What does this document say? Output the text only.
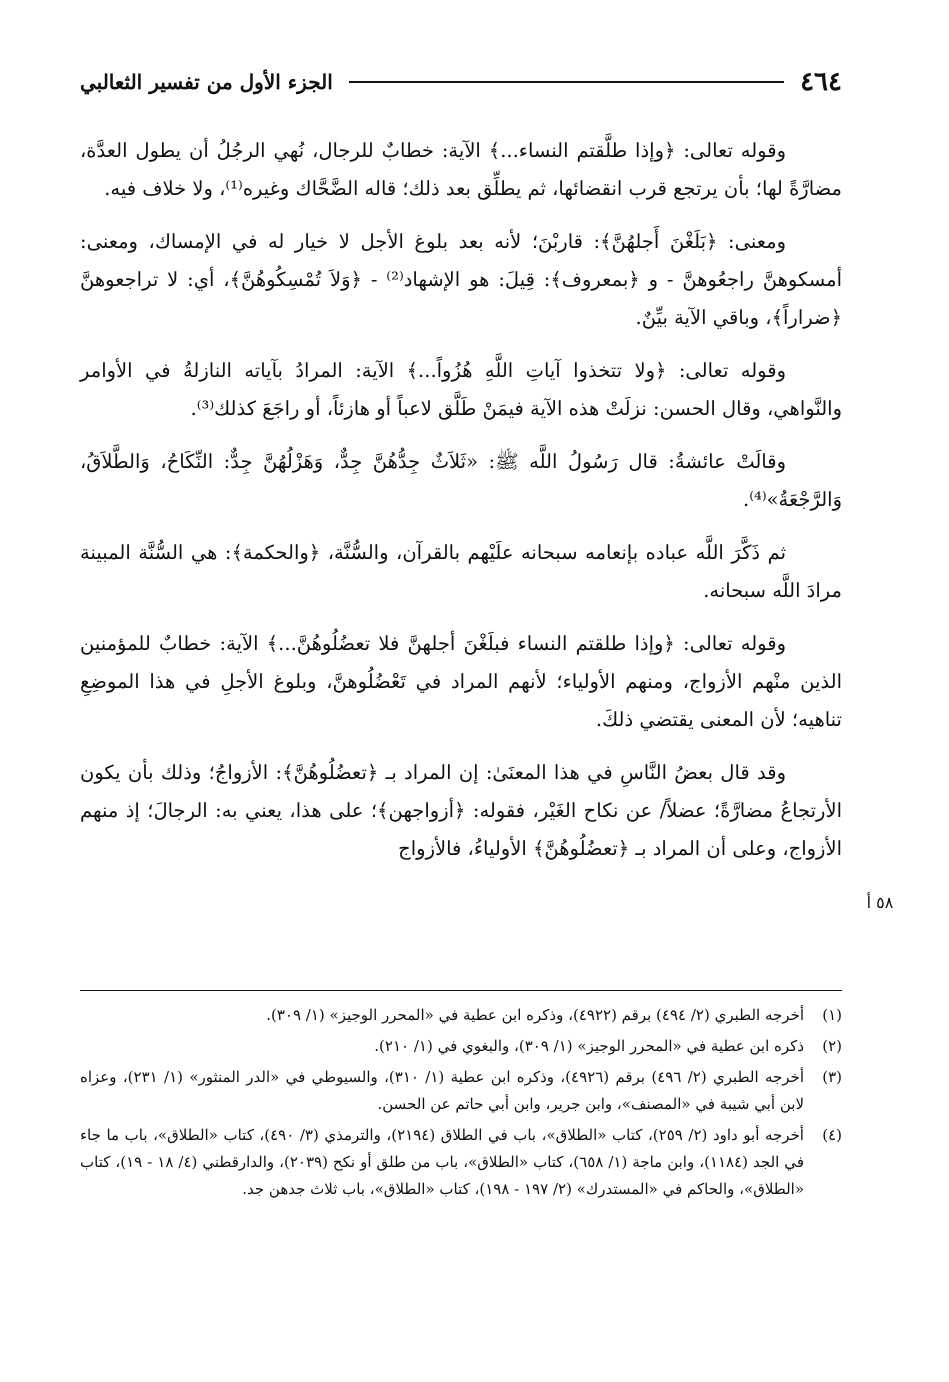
٤٦٤
الجزء الأول من تفسير الثعالبي

وقوله تعالى: ﴿وإذا طلَّقتم النساء...﴾ الآية: خطابٌ للرجال، نُهي الرجُلُ أن يطول العدَّة، مضارَّةً لها؛ بأن يرتجع قرب انقضائها، ثم يطلِّق بعد ذلك؛ قاله الضَّحَّاك وغيره⁽¹⁾، ولا خلاف فيه.

ومعنى: ﴿بَلَغْنَ أَجلهُنَّ﴾: قاربْنَ؛ لأنه بعد بلوغ الأجل لا خيار له في الإمساك، ومعنى: أمسكوهنَّ راجعُوهنَّ - و ﴿بمعروف﴾: قِيلَ: هو الإشهاد⁽²⁾ - ﴿وَلاَ تُمْسِكُوهُنَّ﴾، أي: لا تراجعوهنَّ ﴿ضراراً﴾، وباقي الآية بيِّنٌ.

وقوله تعالى: ﴿ولا تتخذوا آياتِ اللَّهِ هُزُواً...﴾ الآية: المرادُ بآياته النازلةُ في الأوامر والنَّواهي، وقال الحسن: نزلَتْ هذه الآية فيمَنْ طَلَّق لاعباً أو هازئاً، أو راجَعَ كذلك⁽³⁾.

وقالَتْ عائشةُ: قال رَسُولُ اللَّه ﷺ: «ثَلاَثٌ جِدُّهُنَّ جِدٌّ، وَهَزْلُهُنَّ جِدٌّ: النِّكَاحُ، وَالطَّلاَقُ، وَالرَّجْعَةُ»⁽⁴⁾.

ثم ذَكَّرَ اللَّه عباده بإنعامه سبحانه علَيْهم بالقرآن، والسُّنَّة، ﴿والحكمة﴾: هي السُّنَّة المبينة مرادَ اللَّه سبحانه.

وقوله تعالى: ﴿وإذا طلقتم النساء فبلَغْنَ أجلهنَّ فلا تعضُلُوهُنَّ...﴾ الآية: خطابٌ للمؤمنين الذين منْهم الأزواج، ومنهم الأولياء؛ لأنهم المراد في تَعْضُلُوهنَّ، وبلوغ الأجلِ في هذا الموضِعِ تناهيه؛ لأن المعنى يقتضي ذلكَ.

وقد قال بعضُ النَّاسِ في هذا المعنَىٰ: إن المراد بـ ﴿تعضُلُوهُنَّ﴾: الأزواجُ؛ وذلك بأن يكون الأرتجاعُ مضارَّةً؛ عضلاً/ عن نكاح الغَيْر، فقوله: ﴿أزواجهن﴾؛ على هذا، يعني به: الرجالَ؛ إذ منهم الأزواج، وعلى أن المراد بـ ﴿تعضُلُوهُنَّ﴾ الأولياءُ، فالأزواج

٥٨ أ
(١)
أخرجه الطبري (٢/ ٤٩٤) برقم (٤٩٢٢)، وذكره ابن عطية في «المحرر الوجيز» (١/ ٣٠٩).
(٢)
ذكره ابن عطية في «المحرر الوجيز» (١/ ٣٠٩)، والبغوي في (١/ ٢١٠).
(٣)
أخرجه الطبري (٢/ ٤٩٦) برقم (٤٩٢٦)، وذكره ابن عطية (١/ ٣١٠)، والسيوطي في «الدر المنثور» (١/ ٢٣١)، وعزاه لابن أبي شيبة في «المصنف»، وابن جرير، وابن أبي حاتم عن الحسن.
(٤)
أخرجه أبو داود (٢/ ٢٥٩)، كتاب «الطلاق»، باب في الطلاق (٢١٩٤)، والترمذي (٣/ ٤٩٠)، كتاب «الطلاق»، باب ما جاء في الجد (١١٨٤)، وابن ماجة (١/ ٦٥٨)، كتاب «الطلاق»، باب من طلق أو نكح (٢٠٣٩)، والدارقطني (٤/ ١٨ - ١٩)، كتاب «الطلاق»، والحاكم في «المستدرك» (٢/ ١٩٧ - ١٩٨)، كتاب «الطلاق»، باب ثلاث جدهن جد.
